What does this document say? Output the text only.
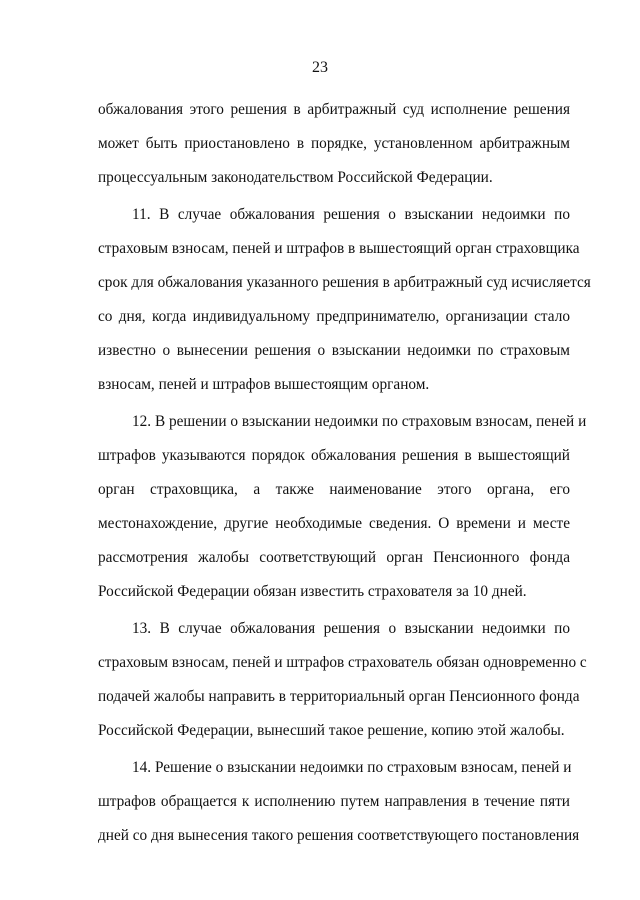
23
обжалования этого решения в арбитражный суд исполнение решения
может быть приостановлено в порядке, установленном арбитражным
процессуальным законодательством Российской Федерации.
11. В случае обжалования решения о взыскании недоимки по
страховым взносам, пеней и штрафов в вышестоящий орган страховщика
срок для обжалования указанного решения в арбитражный суд исчисляется
со дня, когда индивидуальному предпринимателю, организации стало
известно о вынесении решения о взыскании недоимки по страховым
взносам, пеней и штрафов вышестоящим органом.
12. В решении о взыскании недоимки по страховым взносам, пеней и
штрафов указываются порядок обжалования решения в вышестоящий
орган страховщика, а также наименование этого органа, его
местонахождение, другие необходимые сведения. О времени и месте
рассмотрения жалобы соответствующий орган Пенсионного фонда
Российской Федерации обязан известить страхователя за 10 дней.
13. В случае обжалования решения о взыскании недоимки по
страховым взносам, пеней и штрафов страхователь обязан одновременно с
подачей жалобы направить в территориальный орган Пенсионного фонда
Российской Федерации, вынесший такое решение, копию этой жалобы.
14. Решение о взыскании недоимки по страховым взносам, пеней и
штрафов обращается к исполнению путем направления в течение пяти
дней со дня вынесения такого решения соответствующего постановления
